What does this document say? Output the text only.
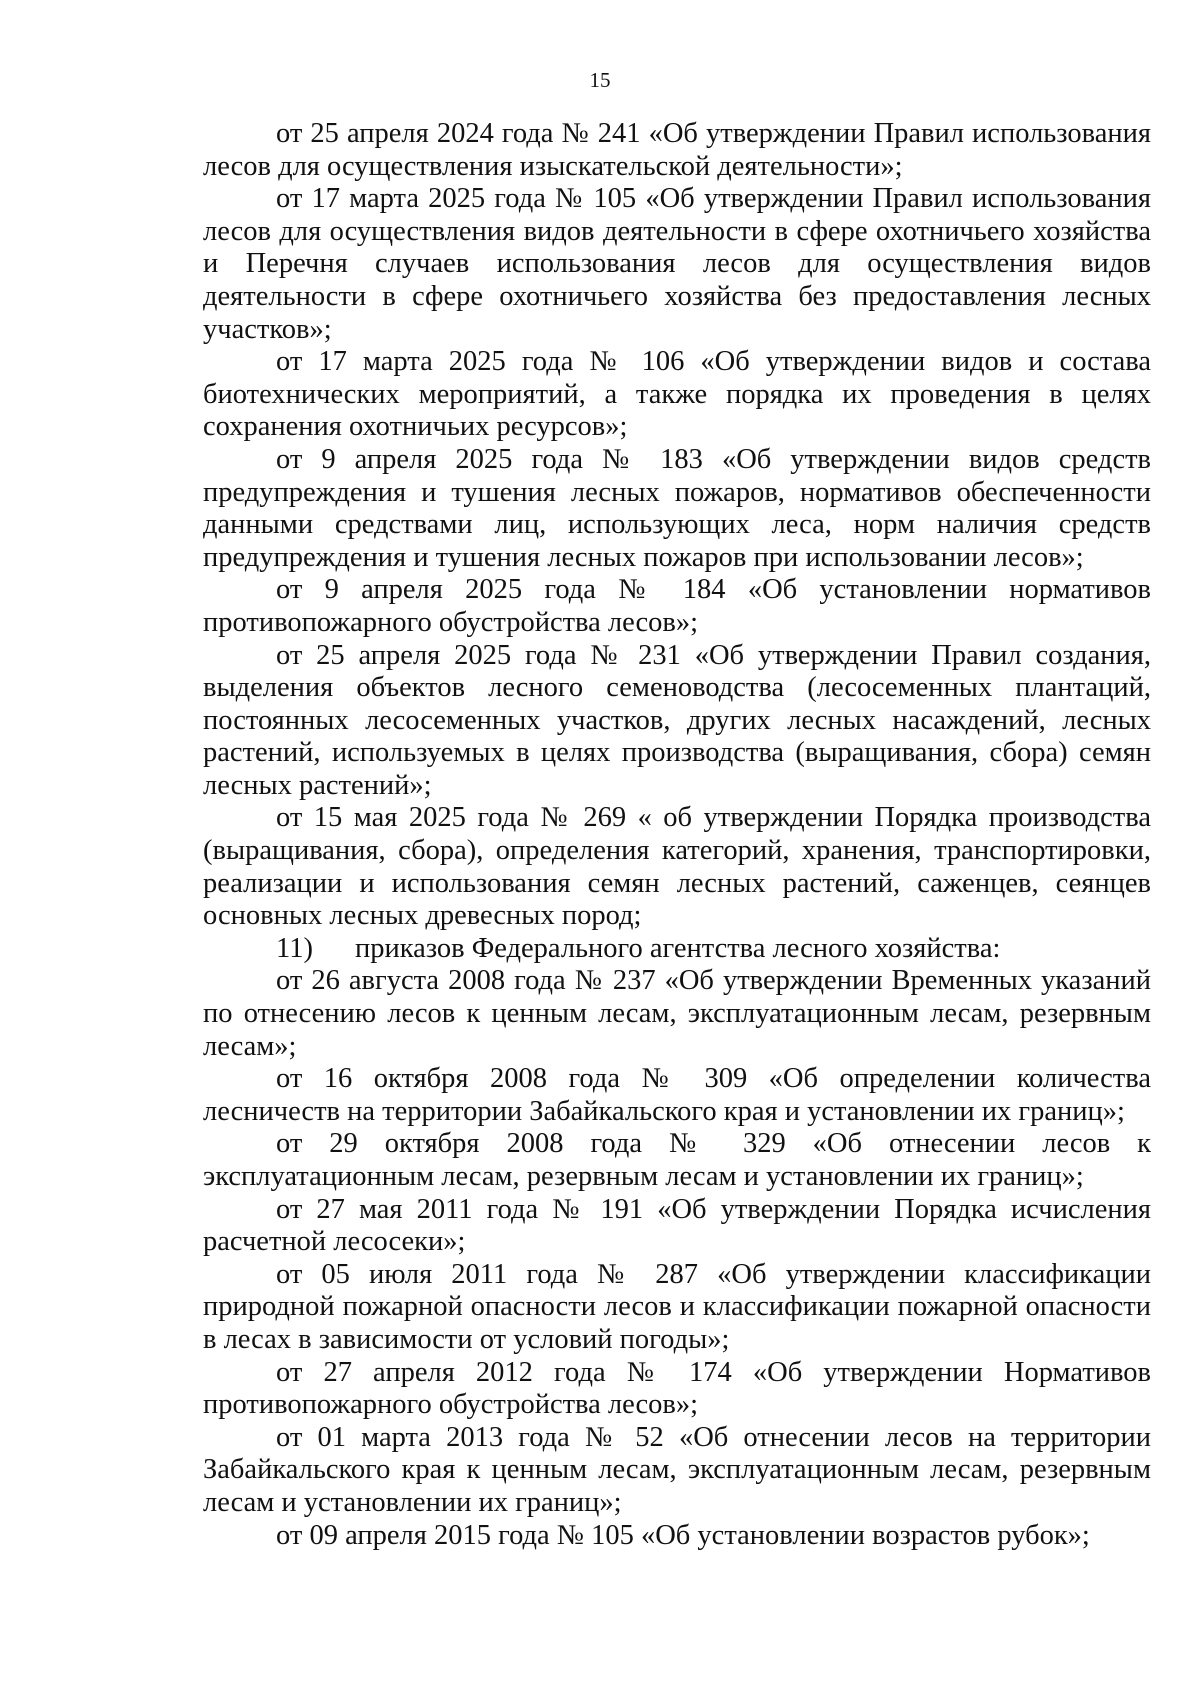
15

от 25 апреля 2024 года № 241 «Об утверждении Правил использования лесов для осуществления изыскательской деятельности»;

от 17 марта 2025 года № 105 «Об утверждении Правил использования лесов для осуществления видов деятельности в сфере охотничьего хозяйства и Перечня случаев использования лесов для осуществления видов деятельности в сфере охотничьего хозяйства без предоставления лесных участков»;

от 17 марта 2025 года № 106 «Об утверждении видов и состава биотехнических мероприятий, а также порядка их проведения в целях сохранения охотничьих ресурсов»;

от 9 апреля 2025 года № 183 «Об утверждении видов средств предупреждения и тушения лесных пожаров, нормативов обеспеченности данными средствами лиц, использующих леса, норм наличия средств предупреждения и тушения лесных пожаров при использовании лесов»;

от 9 апреля 2025 года № 184 «Об установлении нормативов противопожарного обустройства лесов»;

от 25 апреля 2025 года № 231 «Об утверждении Правил создания, выделения объектов лесного семеноводства (лесосеменных плантаций, постоянных лесосеменных участков, других лесных насаждений, лесных растений, используемых в целях производства (выращивания, сбора) семян лесных растений»;

от 15 мая 2025 года № 269 « об утверждении Порядка производства (выращивания, сбора), определения категорий, хранения, транспортировки, реализации и использования семян лесных растений, саженцев, сеянцев основных лесных древесных пород;

11)	приказов Федерального агентства лесного хозяйства:

от 26 августа 2008 года № 237 «Об утверждении Временных указаний по отнесению лесов к ценным лесам, эксплуатационным лесам, резервным лесам»;

от 16 октября 2008 года № 309 «Об определении количества лесничеств на территории Забайкальского края и установлении их границ»;

от 29 октября 2008 года № 329 «Об отнесении лесов к эксплуатационным лесам, резервным лесам и установлении их границ»;

от 27 мая 2011 года № 191 «Об утверждении Порядка исчисления расчетной лесосеки»;

от 05 июля 2011 года № 287 «Об утверждении классификации природной пожарной опасности лесов и классификации пожарной опасности в лесах в зависимости от условий погоды»;

от 27 апреля 2012 года № 174 «Об утверждении Нормативов противопожарного обустройства лесов»;

от 01 марта 2013 года № 52 «Об отнесении лесов на территории Забайкальского края к ценным лесам, эксплуатационным лесам, резервным лесам и установлении их границ»;

от 09 апреля 2015 года № 105 «Об установлении возрастов рубок»;
